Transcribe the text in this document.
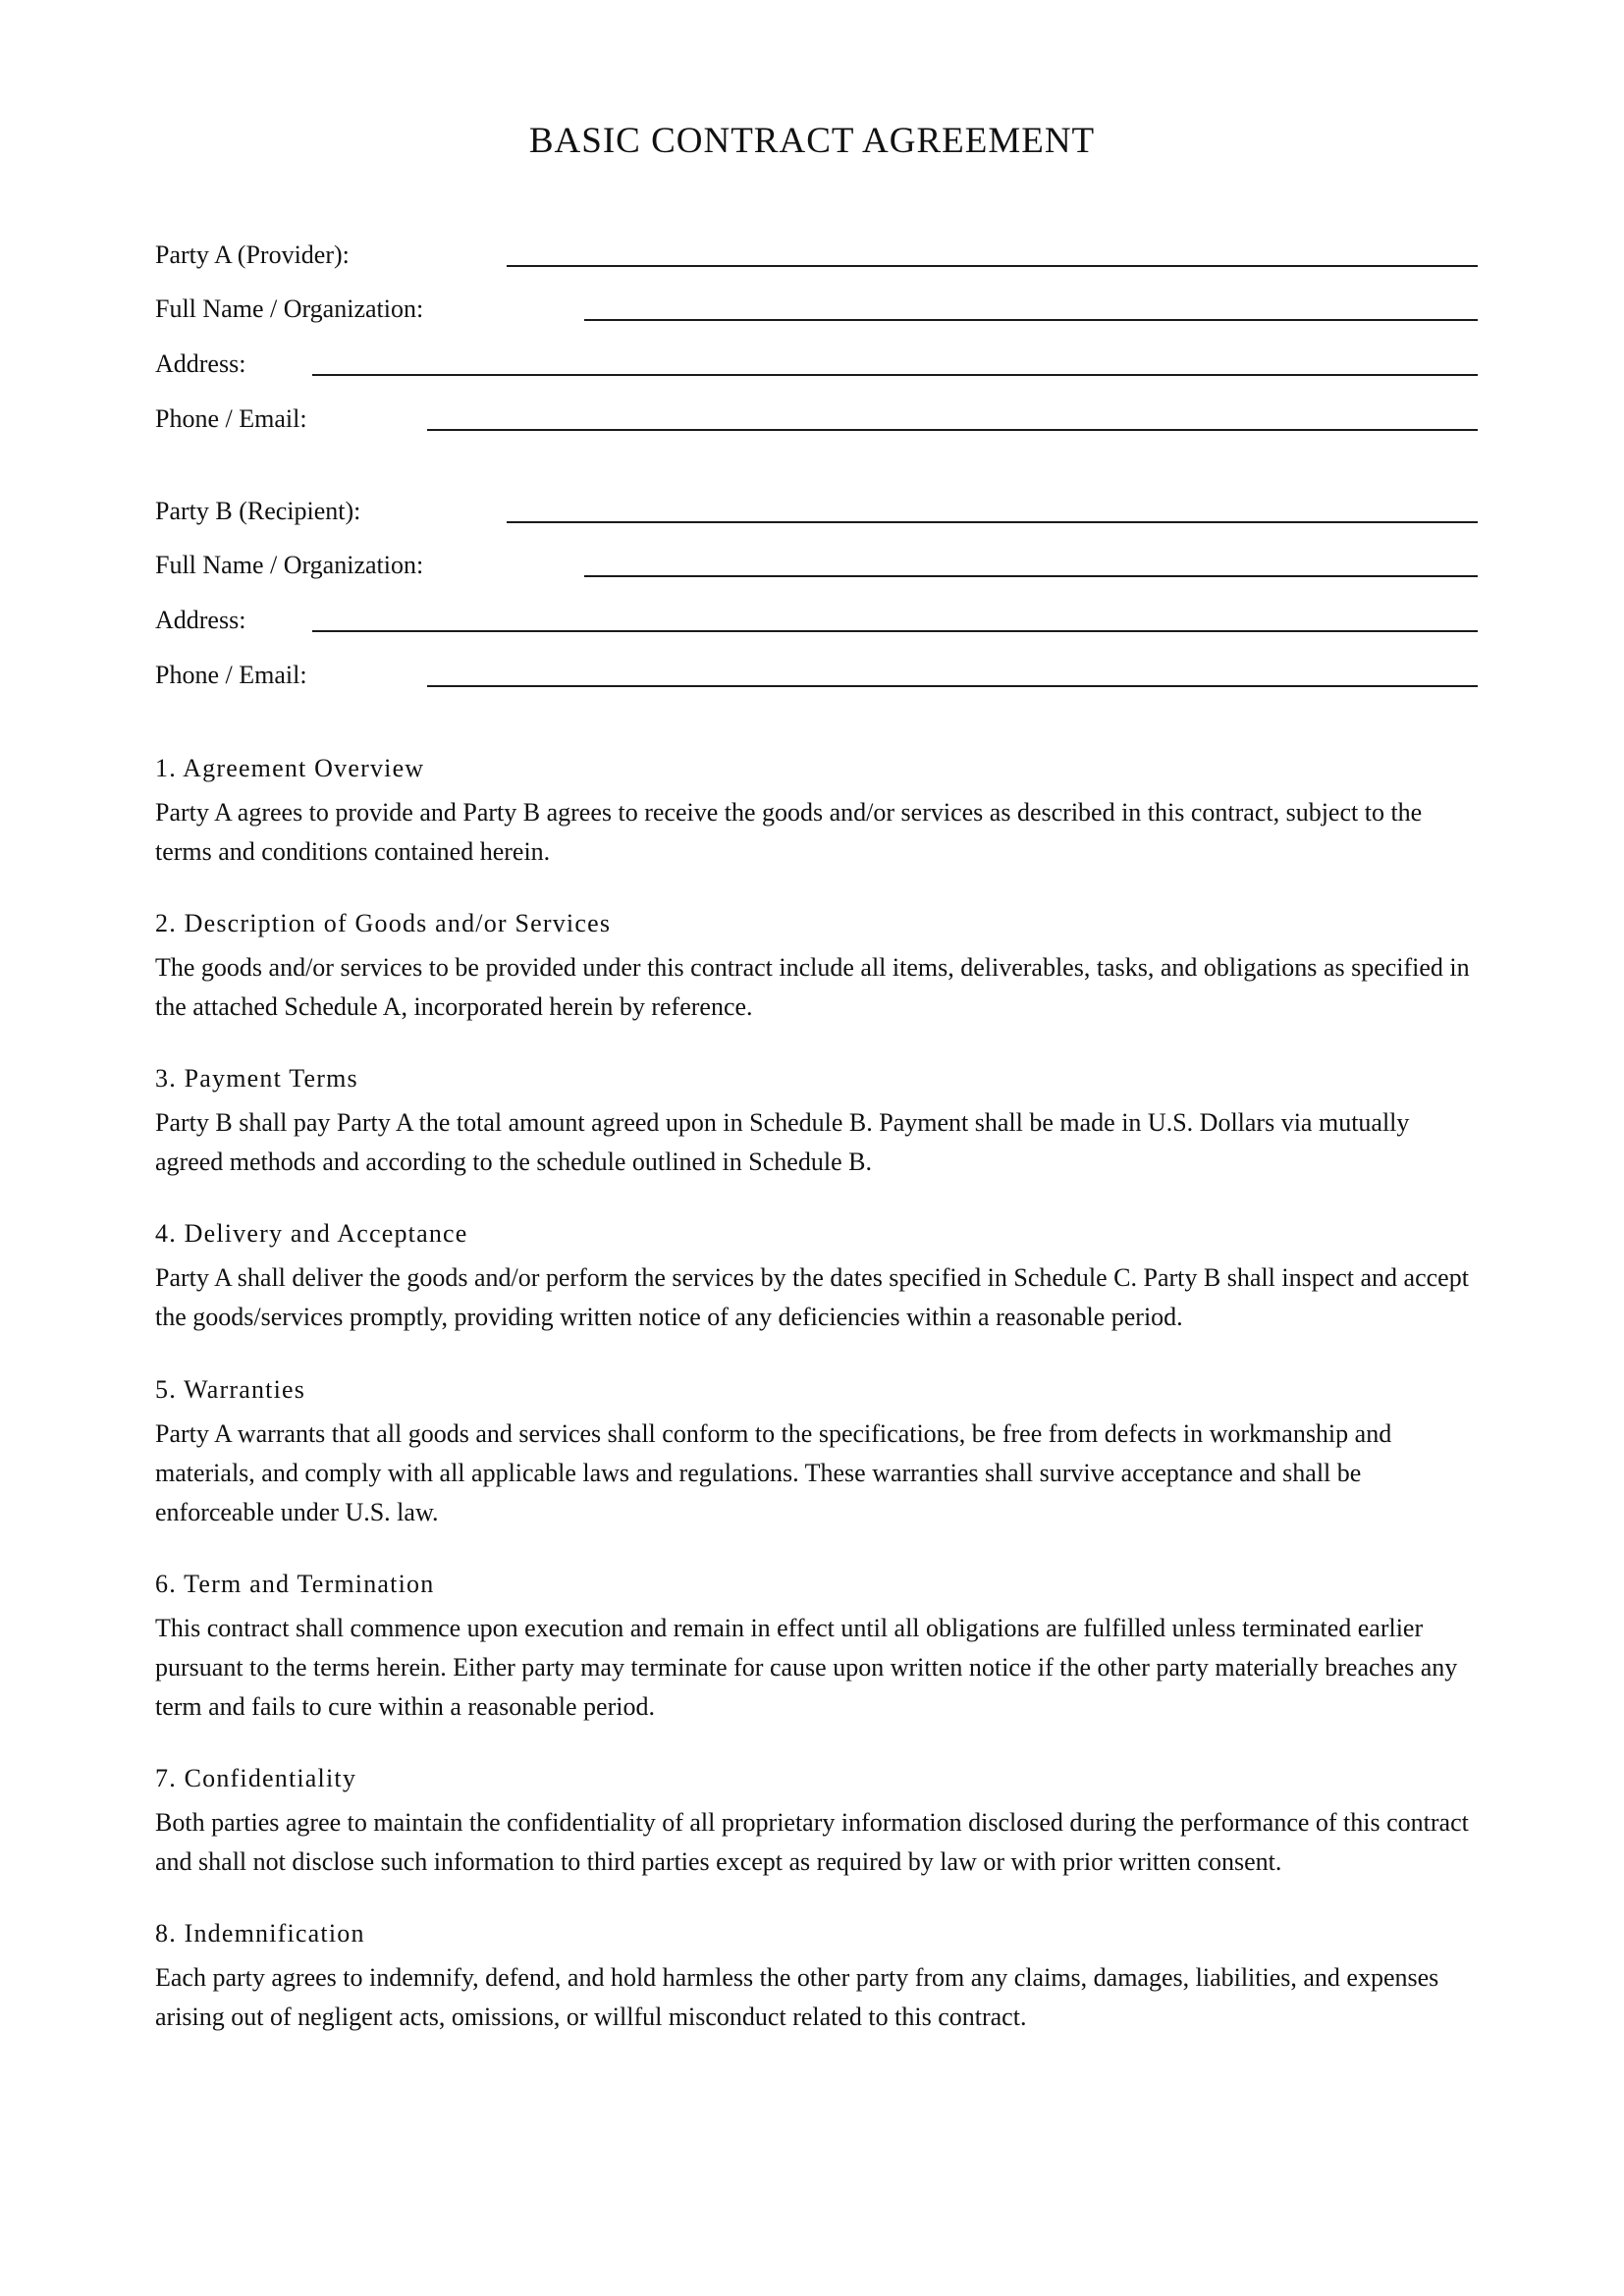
BASIC CONTRACT AGREEMENT
Party A (Provider):
Full Name / Organization:
Address:
Phone / Email:
Party B (Recipient):
Full Name / Organization:
Address:
Phone / Email:
1. Agreement Overview

Party A agrees to provide and Party B agrees to receive the goods and/or services as described in this contract, subject to the terms and conditions contained herein.

2. Description of Goods and/or Services

The goods and/or services to be provided under this contract include all items, deliverables, tasks, and obligations as specified in the attached Schedule A, incorporated herein by reference.

3. Payment Terms

Party B shall pay Party A the total amount agreed upon in Schedule B. Payment shall be made in U.S. Dollars via mutually agreed methods and according to the schedule outlined in Schedule B.

4. Delivery and Acceptance

Party A shall deliver the goods and/or perform the services by the dates specified in Schedule C. Party B shall inspect and accept the goods/services promptly, providing written notice of any deficiencies within a reasonable period.

5. Warranties

Party A warrants that all goods and services shall conform to the specifications, be free from defects in workmanship and materials, and comply with all applicable laws and regulations. These warranties shall survive acceptance and shall be enforceable under U.S. law.

6. Term and Termination

This contract shall commence upon execution and remain in effect until all obligations are fulfilled unless terminated earlier pursuant to the terms herein. Either party may terminate for cause upon written notice if the other party materially breaches any term and fails to cure within a reasonable period.

7. Confidentiality

Both parties agree to maintain the confidentiality of all proprietary information disclosed during the performance of this contract and shall not disclose such information to third parties except as required by law or with prior written consent.

8. Indemnification

Each party agrees to indemnify, defend, and hold harmless the other party from any claims, damages, liabilities, and expenses arising out of negligent acts, omissions, or willful misconduct related to this contract.
